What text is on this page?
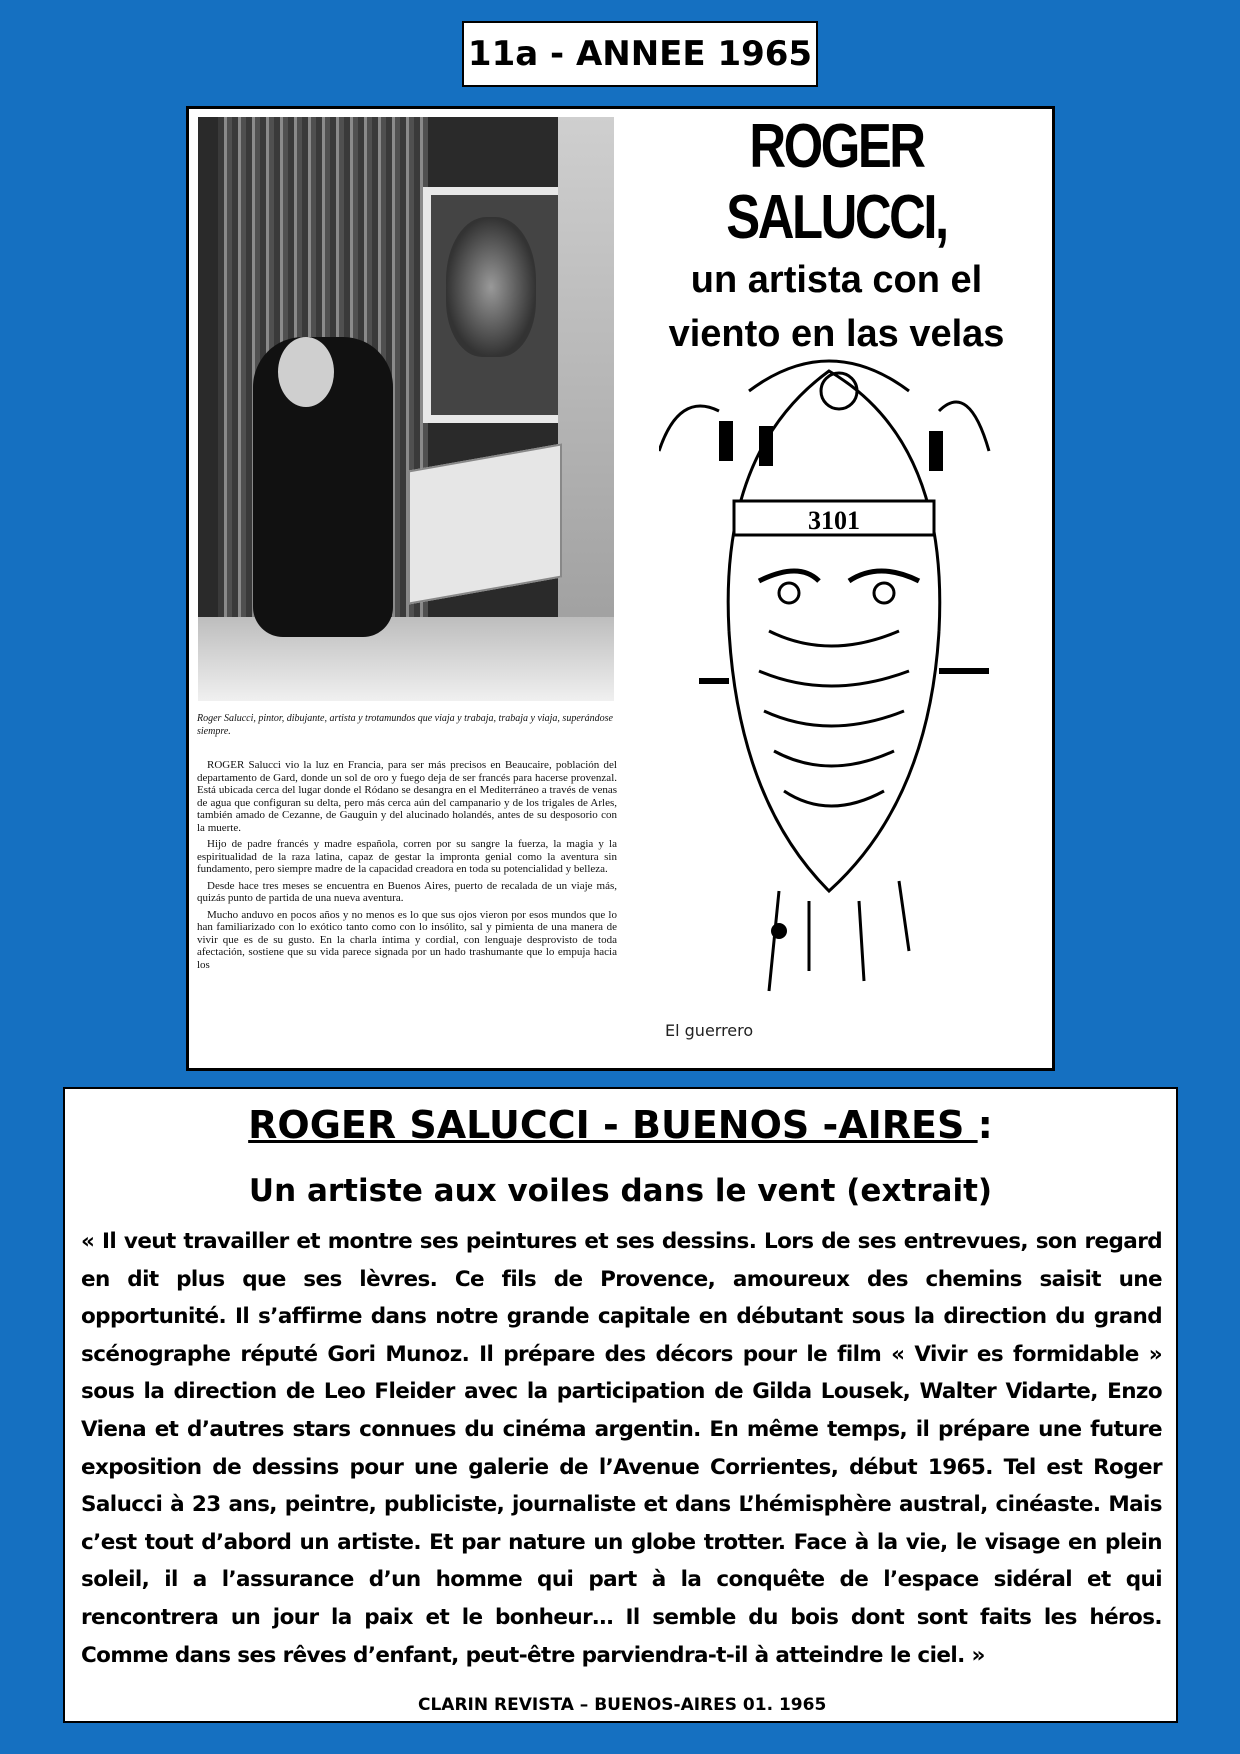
11a - ANNEE 1965
Roger Salucci, pintor, dibujante, artista y trotamundos que viaja y trabaja, trabaja y viaja, superándose siempre.

ROGER Salucci vio la luz en Francia, para ser más precisos en Beaucaire, población del departamento de Gard, donde un sol de oro y fuego deja de ser francés para hacerse provenzal. Está ubicada cerca del lugar donde el Ródano se desangra en el Mediterráneo a través de venas de agua que configuran su delta, pero más cerca aún del campanario y de los trigales de Arles, también amado de Cezanne, de Gauguin y del alucinado holandés, antes de su desposorio con la muerte.

Hijo de padre francés y madre española, corren por su sangre la fuerza, la magia y la espiritualidad de la raza latina, capaz de gestar la impronta genial como la aventura sin fundamento, pero siempre madre de la capacidad creadora en toda su potencialidad y belleza.

Desde hace tres meses se encuentra en Buenos Aires, puerto de recalada de un viaje más, quizás punto de partida de una nueva aventura.

Mucho anduvo en pocos años y no menos es lo que sus ojos vieron por esos mundos que lo han familiarizado con lo exótico tanto como con lo insólito, sal y pimienta de una manera de vivir que es de su gusto. En la charla íntima y cordial, con lenguaje desprovisto de toda afectación, sostiene que su vida parece signada por un hado trashumante que lo empuja hacia los

ROGER SALUCCI,
un artista con el
viento en las velas
3101
El guerrero
ROGER SALUCCI - BUENOS -AIRES :
Un artiste aux voiles dans le vent (extrait)
« Il veut travailler et montre ses peintures et ses dessins. Lors de ses entrevues, son regard en dit plus que ses lèvres. Ce fils de Provence, amoureux des chemins saisit une opportunité. Il s’affirme dans notre grande capitale en débutant sous la direction du grand scénographe réputé Gori Munoz. Il prépare des décors pour le film « Vivir es formidable » sous la direction de Leo Fleider avec la participation de Gilda Lousek, Walter Vidarte, Enzo Viena et d’autres stars connues du cinéma argentin. En même temps, il prépare une future exposition de dessins pour une galerie de l’Avenue Corrientes, début 1965. Tel est Roger Salucci à 23 ans, peintre, publiciste, journaliste et dans L’hémisphère austral, cinéaste. Mais c’est tout d’abord un artiste. Et par nature un globe trotter. Face à la vie, le visage en plein soleil, il a l’assurance d’un homme qui part à la conquête de l’espace sidéral et qui rencontrera un jour la paix et le bonheur… Il semble du bois dont sont faits les héros. Comme dans ses rêves d’enfant, peut-être parviendra-t-il à atteindre le ciel. »
CLARIN REVISTA – BUENOS-AIRES 01. 1965
